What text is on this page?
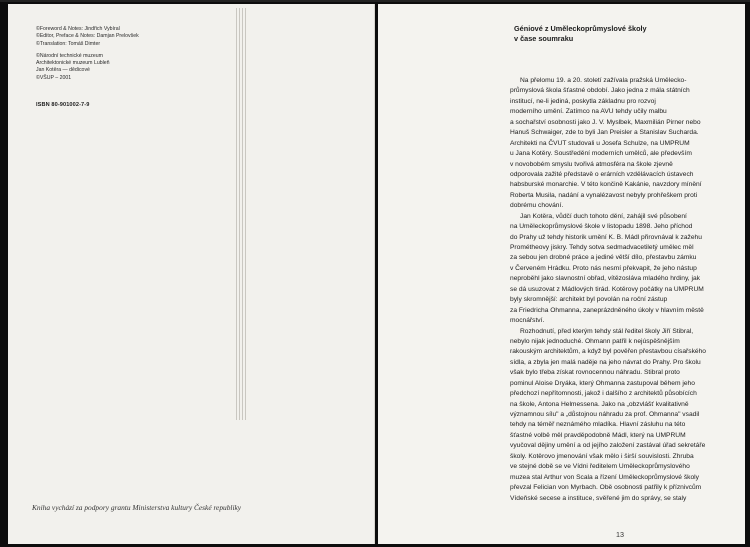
©Foreword & Notes: Jindřich Vybíral
©Editor, Preface & Notes: Damjan Prelovšek
©Translation: Tomáš Dimter
©Národní technické muzeum
Architektonické muzeum Lubleň
Jan Kotěra — dědicové
©VŠUP – 2001
ISBN 80-901002-7-9
Kniha vychází za podpory grantu Ministerstva kultury České republiky
Géniové z Uměleckoprůmyslové školy
v čase soumraku
Na přelomu 19. a 20. století zažívala pražská Umělecko-
průmyslová škola šťastné období. Jako jedna z mála státních
institucí, ne-li jediná, poskytla základnu pro rozvoj
moderního umění. Zatímco na AVU tehdy učily malbu
a sochařství osobnosti jako J. V. Myslbek, Maxmilián Pirner nebo
Hanuš Schwaiger, zde to byli Jan Preisler a Stanislav Sucharda.
Architekti na ČVUT studovali u Josefa Schulze, na UMPRUM
u Jana Kotěry. Soustředění moderních umělců, ale především
v novobobém smyslu tvořivá atmosféra na škole zjevně
odporovala zažité představě o erárních vzdělávacích ústavech
habsburské monarchie. V této končině Kakánie, navzdory mínění
Roberta Musila, nadání a vynalézavost nebyly prohřeškem proti
dobrému chování.
Jan Kotěra, vůdčí duch tohoto dění, zahájil své působení
na Uměleckoprůmyslové škole v listopadu 1898. Jeho příchod
do Prahy už tehdy historik umění K. B. Mádl přirovnával k zažehu
Prométheovy jiskry. Tehdy sotva sedmadvacetiletý umělec měl
za sebou jen drobné práce a jediné větší dílo, přestavbu zámku
v Červeném Hrádku. Proto nás nesmí překvapit, že jeho nástup
neproběhl jako slavnostní obřad, vítězosláva mladého hrdiny, jak
se dá usuzovat z Mádlových tirád. Kotěrovy počátky na UMPRUM
byly skromnější: architekt byl povolán na roční zástup
za Friedricha Ohmanna, zaneprázdněného úkoly v hlavním městě
mocnářství.
Rozhodnutí, před kterým tehdy stál ředitel školy Jiří Stibral,
nebylo nijak jednoduché. Ohmann patřil k nejúspěšnějším
rakouským architektům, a když byl pověřen přestavbou císařského
sídla, a zbyla jen malá naděje na jeho návrat do Prahy. Pro školu
však bylo třeba získat rovnocennou náhradu. Stibral proto
pominul Aloise Dryáka, který Ohmanna zastupoval během jeho
předchozí nepřítomnosti, jakož i dalšího z architektů působících
na škole, Antona Helmessena. Jako na „obzvlášť kvalitativně
významnou sílu" a „důstojnou náhradu za prof. Ohmanna" vsadil
tehdy na téměř neznámého mladíka. Hlavní zásluhu na této
šťastné volbě měl pravděpodobně Mádl, který na UMPRUM
vyučoval dějiny umění a od jejího založení zastával úřad sekretáře
školy. Kotěrovo jmenování však mělo i širší souvislosti. Zhruba
ve stejné době se ve Vídni ředitelem Uměleckoprůmyslového
muzea stal Arthur von Scala a řízení Uměleckoprůmyslové školy
převzal Felician von Myrbach. Obě osobnosti patřily k příznivcům
Vídeňské secese a instituce, svěřené jim do správy, se staly
13
